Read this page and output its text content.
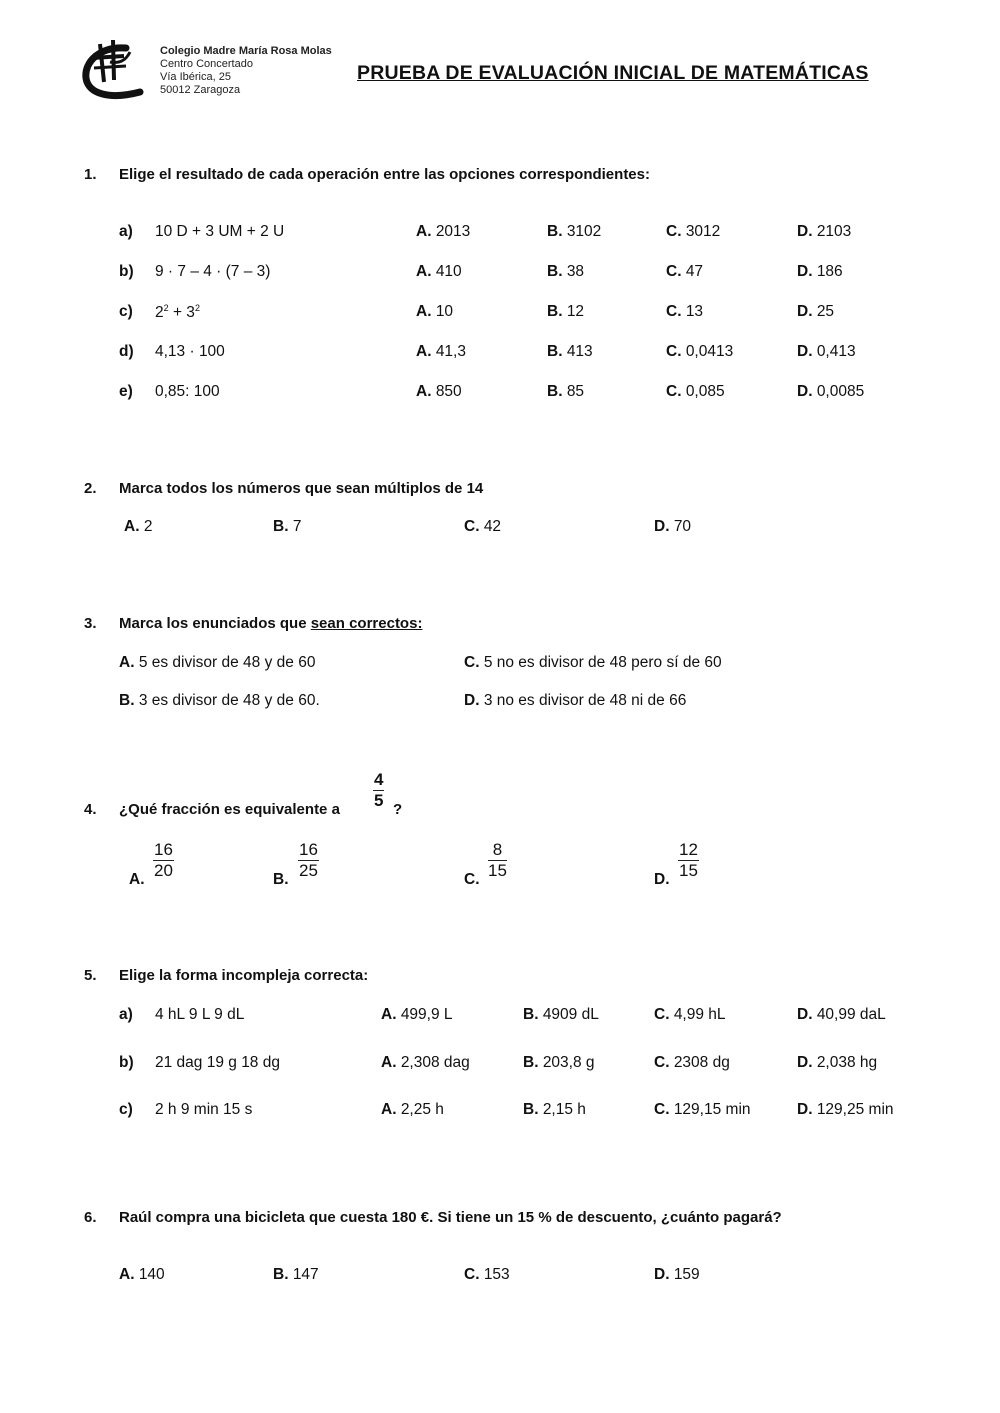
Colegio Madre María Rosa Molas
Centro Concertado
Vía Ibérica, 25
50012 Zaragoza
PRUEBA DE EVALUACIÓN INICIAL DE MATEMÁTICAS
1. Elige el resultado de cada operación entre las opciones correspondientes:
a) 10 D + 3 UM + 2 U	A. 2013	B. 3102	C. 3012	D. 2103
b) 9 · 7 – 4 · (7 – 3)	A. 410	B. 38	C. 47	D. 186
c) $2^2 + 3^2$	A. 10	B. 12	C. 13	D. 25
d) 4,13 · 100	A. 41,3	B. 413	C. 0,0413	D. 0,413
e) 0,85: 100	A. 850	B. 85	C. 0,085	D. 0,0085
2. Marca todos los números que sean múltiplos de 14
A. 2	B. 7	C. 42	D. 70
3. Marca los enunciados que sean correctos:
A. 5 es divisor de 48 y de 60	C. 5 no es divisor de 48 pero sí de 60
B. 3 es divisor de 48 y de 60.	D. 3 no es divisor de 48 ni de 66
4. ¿Qué fracción es equivalente a
4
5 ?
A.
16
20	B.
16
25	C.
8
15	D.
12
15
5. Elige la forma incompleja correcta:
a) 4 hL 9 L 9 dL	A. 499,9 L	B. 4909 dL	C. 4,99 hL	D. 40,99 daL
b) 21 dag 19 g 18 dg	A. 2,308 dag	B. 203,8 g	C. 2308 dg	D. 2,038 hg
c) 2 h 9 min 15 s	A. 2,25 h	B. 2,15 h	C. 129,15 min	D. 129,25 min
6. Raúl compra una bicicleta que cuesta 180 €. Si tiene un 15 % de descuento, ¿cuánto pagará?
A. 140	B. 147	C. 153	D. 159
